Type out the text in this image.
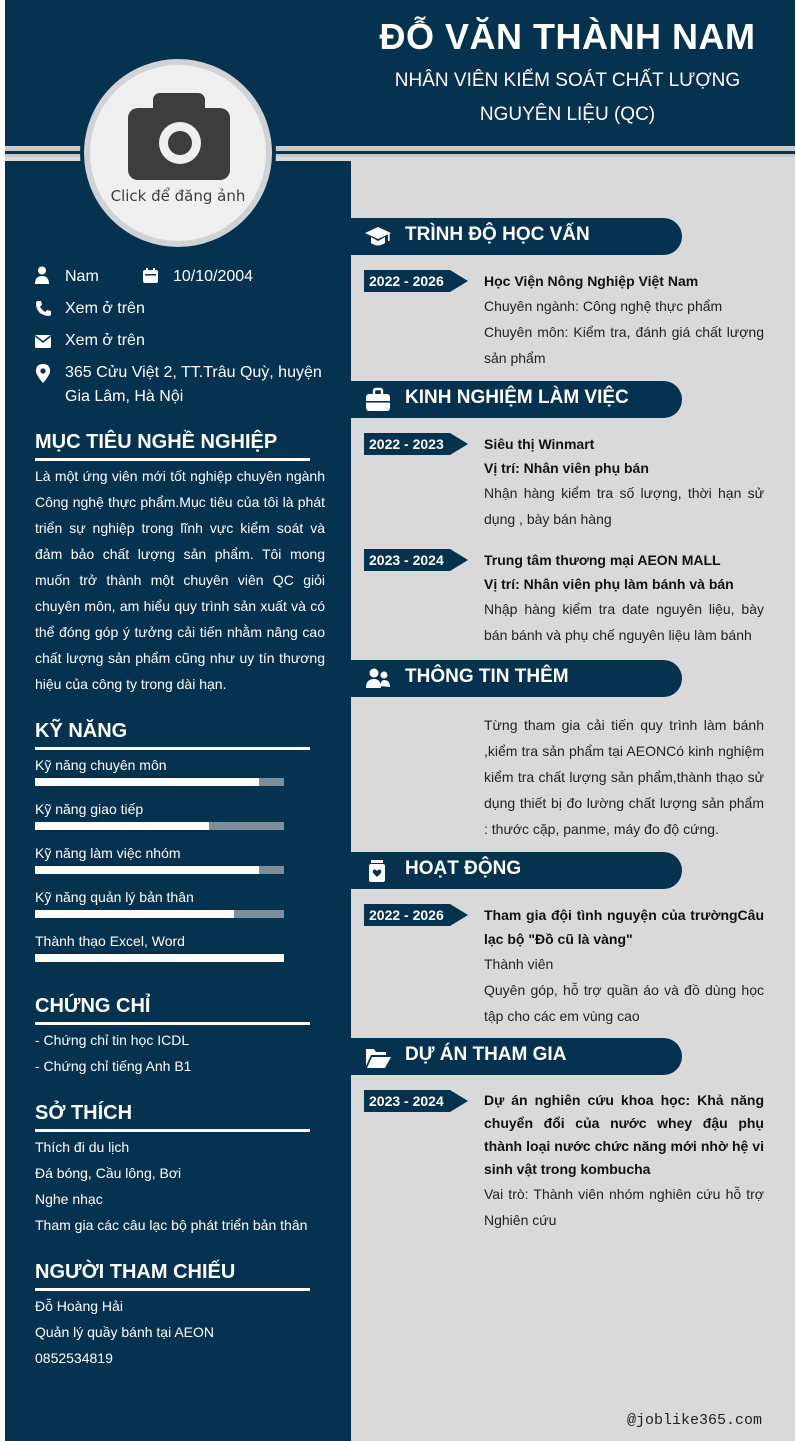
ĐỖ VĂN THÀNH NAM
NHÂN VIÊN KIỂM SOÁT CHẤT LƯỢNG
NGUYÊN LIỆU (QC)
Click để đăng ảnh
Nam	10/10/2004
Xem ở trên
Xem ở trên
365 Cửu Việt 2, TT.Trâu Quỳ, huyện
Gia Lâm, Hà Nội
MỤC TIÊU NGHỀ NGHIỆP
Là một ứng viên mới tốt nghiệp chuyên ngành Công nghệ thực phẩm.Mục tiêu của tôi là phát triển sự nghiệp trong lĩnh vực kiểm soát và đảm bảo chất lượng sản phẩm. Tôi mong muốn trở thành một chuyên viên QC giỏi chuyên môn, am hiểu quy trình sản xuất và có thể đóng góp ý tưởng cải tiến nhằm nâng cao chất lượng sản phẩm cũng như uy tín thương hiệu của công ty trong dài hạn.
KỸ NĂNG
Kỹ năng chuyên môn
Kỹ năng giao tiếp
Kỹ năng làm việc nhóm
Kỹ năng quản lý bản thân
Thành thạo Excel, Word
CHỨNG CHỈ
- Chứng chỉ tin học ICDL
- Chứng chỉ tiếng Anh B1
SỞ THÍCH
Thích đi du lịch
Đá bóng, Cầu lông, Bơi
Nghe nhạc
Tham gia các câu lạc bộ phát triển bản thân
NGƯỜI THAM CHIẾU
Đỗ Hoàng Hải
Quản lý quầy bánh tại AEON
0852534819
TRÌNH ĐỘ HỌC VẤN
2022 - 2026	Học Viện Nông Nghiệp Việt Nam
Chuyên ngành: Công nghệ thực phẩm
Chuyên môn: Kiểm tra, đánh giá chất lượng sản phẩm
KINH NGHIỆM LÀM VIỆC
2022 - 2023	Siêu thị Winmart
Vị trí: Nhân viên phụ bán
Nhận hàng kiểm tra số lượng, thời hạn sử dụng , bày bán hàng
2023 - 2024	Trung tâm thương mại AEON MALL
Vị trí: Nhân viên phụ làm bánh và bán
Nhập hàng kiểm tra date nguyên liệu, bày bán bánh và phụ chế nguyên liệu làm bánh
THÔNG TIN THÊM
Từng tham gia cải tiến quy trình làm bánh ,kiểm tra sản phẩm tại AEONCó kinh nghiệm kiểm tra chất lượng sản phẩm,thành thạo sử dụng thiết bị đo lường chất lượng sản phẩm : thước cặp, panme, máy đo độ cứng.
HOẠT ĐỘNG
2022 - 2026	Tham gia đội tình nguyện của trườngCâu lạc bộ "Đồ cũ là vàng"
Thành viên
Quyên góp, hỗ trợ quần áo và đồ dùng học tập cho các em vùng cao
DỰ ÁN THAM GIA
2023 - 2024	Dự án nghiên cứu khoa học: Khả năng chuyển đổi của nước whey đậu phụ thành loại nước chức năng mới nhờ hệ vi sinh vật trong kombucha
Vai trò: Thành viên nhóm nghiên cứu hỗ trợ Nghiên cứu
@joblike365.com
